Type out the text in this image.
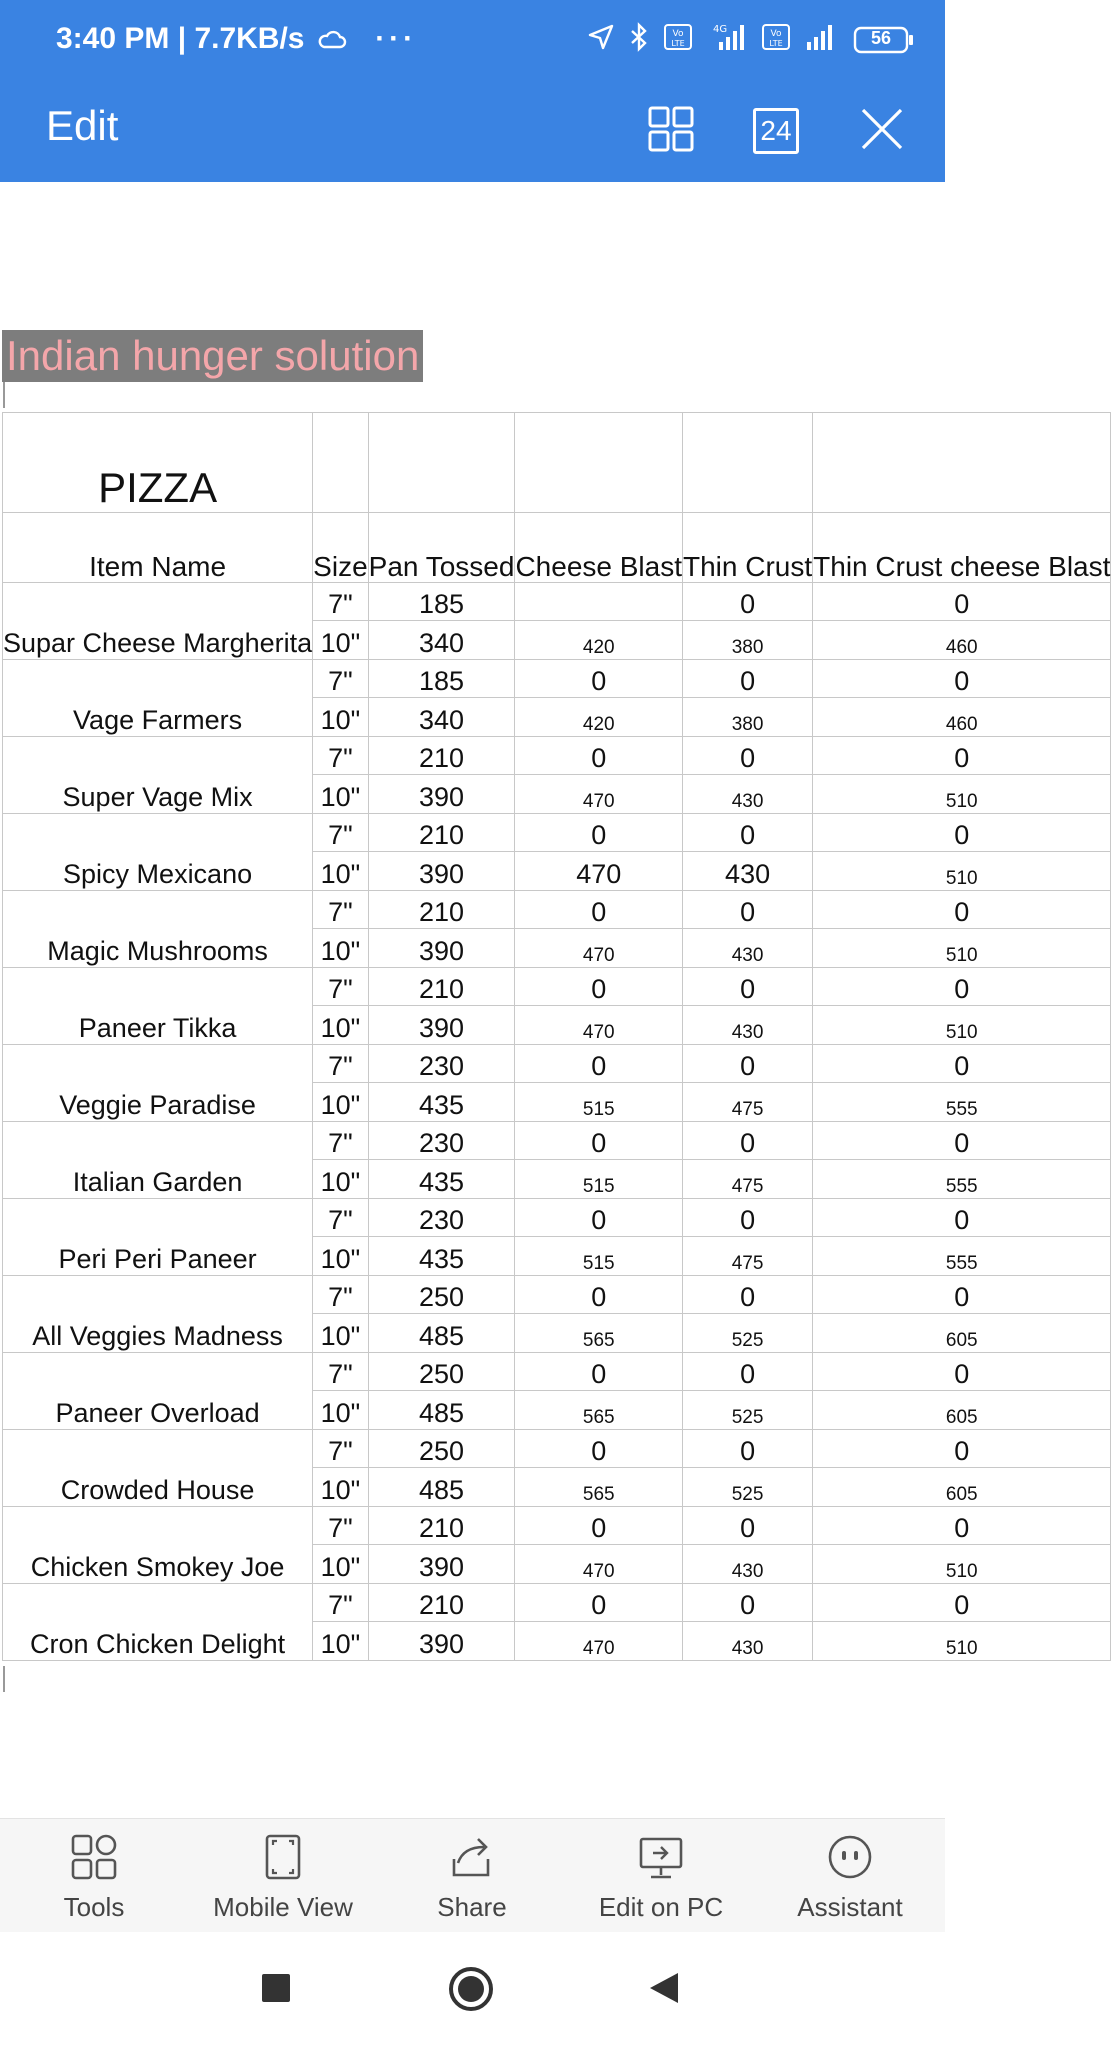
3:40 PM | 7.7KB/s ···	Vo
LTE
4G	Vo
LTE	56
Edit	24
Indian hunger solution
PIZZA					
Item Name	Size	Pan Tossed	Cheese Blast	Thin Crust	Thin Crust cheese Blast
Supar Cheese Margherita	7"	185		0	0
	10"	340	420	380	460
Vage Farmers	7"	185	0	0	0
	10"	340	420	380	460
Super Vage Mix	7"	210	0	0	0
	10"	390	470	430	510
Spicy Mexicano	7"	210	0	0	0
	10"	390	470	430	510
Magic Mushrooms	7"	210	0	0	0
	10"	390	470	430	510
Paneer Tikka	7"	210	0	0	0
	10"	390	470	430	510
Veggie Paradise	7"	230	0	0	0
	10"	435	515	475	555
Italian Garden	7"	230	0	0	0
	10"	435	515	475	555
Peri Peri Paneer	7"	230	0	0	0
	10"	435	515	475	555
All Veggies Madness	7"	250	0	0	0
	10"	485	565	525	605
Paneer Overload	7"	250	0	0	0
	10"	485	565	525	605
Crowded House	7"	250	0	0	0
	10"	485	565	525	605
Chicken Smokey Joe	7"	210	0	0	0
	10"	390	470	430	510
Cron Chicken Delight	7"	210	0	0	0
	10"	390	470	430	510
Tools	Mobile View	Share	Edit on PC	Assistant
